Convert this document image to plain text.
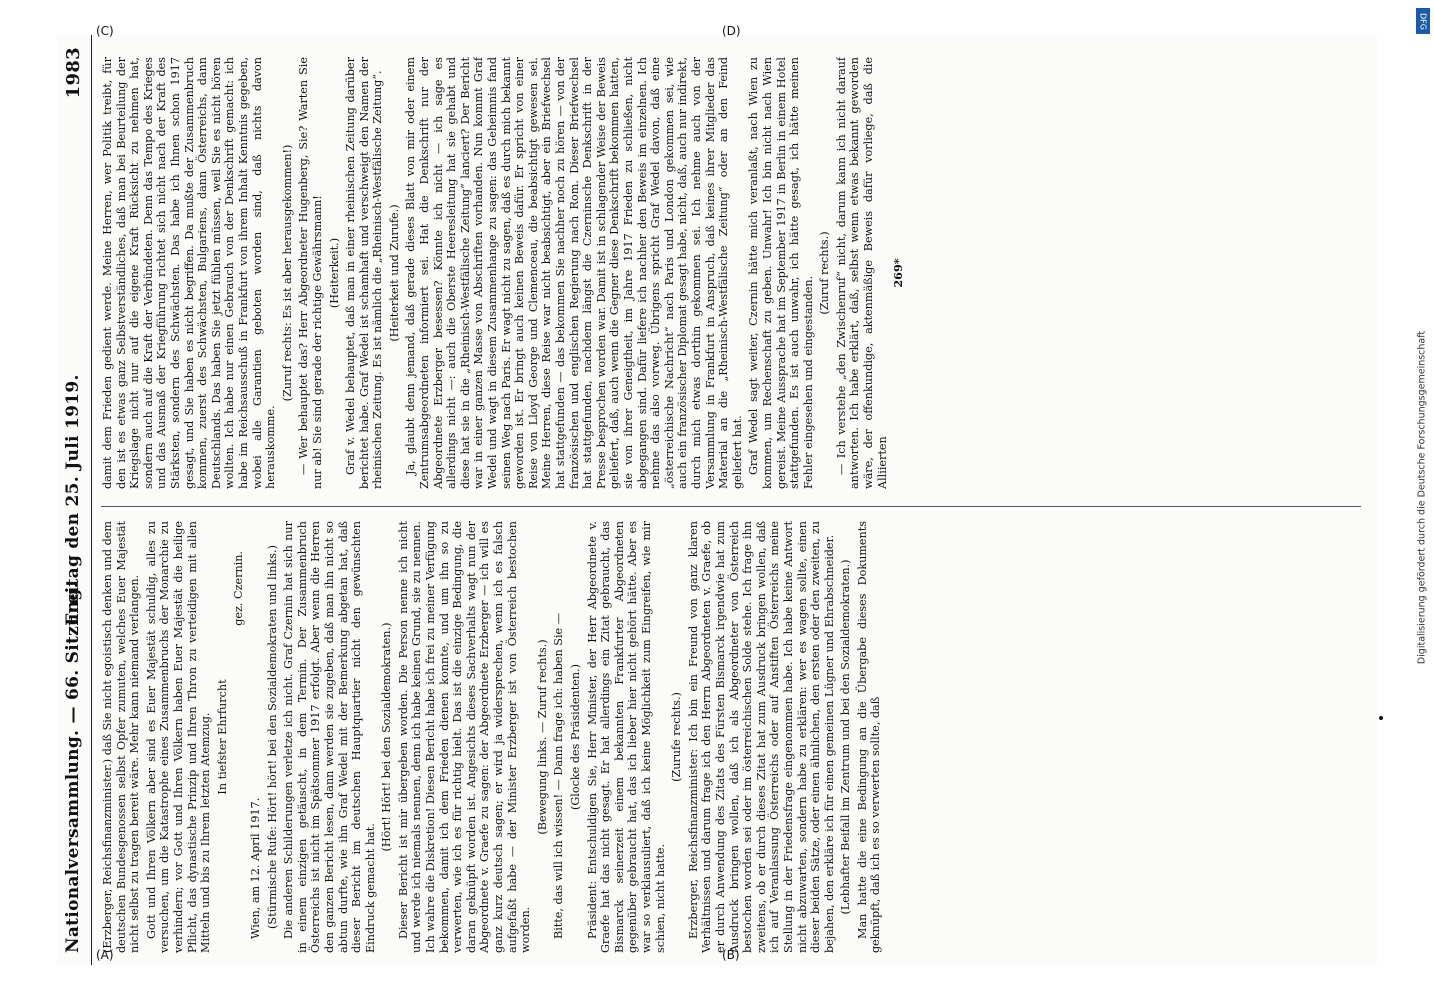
Nationalversammlung. — 66. Sitzung.
Freitag den 25. Juli 1919.
1983

(Erzberger, Reichsfinanzminister.) daß Sie nicht egoistisch denken und dem deutschen Bundesgenossen selbst Opfer zumuten, welches Euer Majestät nicht selbst zu tragen bereit wäre. Mehr kann niemand verlangen. Gott und Ihren Völkern aber sind es Euer Majestät schuldig, alles zu versuchen, um die Katastrophe eines Zusammenbruchs der Monarchie zu verhindern; vor Gott und Ihren Völkern haben Euer Majestät die heilige Pflicht, das dynastische Prinzip und Ihren Thron zu verteidigen mit allen Mitteln und bis zu Ihrem letzten Atemzug. In tiefster Ehrfurcht

gez. Czernin.

Wien, am 12. April 1917. (Stürmische Rufe: Hört! hört! bei den Sozialdemokraten und links.) Die anderen Schilderungen verletze ich nicht. Graf Czernin hat sich nur in einem einzigen getäuscht, in dem Termin. Der Zusammenbruch Österreichs ist nicht im Spätsommer 1917 erfolgt. Aber wenn die Herren den ganzen Bericht lesen, dann werden sie zugeben, daß man ihn nicht so abtun durfte, wie ihn Graf Wedel mit der Bemerkung abgetan hat, daß dieser Bericht im deutschen Hauptquartier nicht den gewünschten Eindruck gemacht hat.

(Hört! Hört! bei den Sozialdemokraten.) Dieser Bericht ist mir übergeben worden. Die Person nenne ich nicht und werde ich niemals nennen, denn ich habe keinen Grund, sie zu nennen. Ich wahre die Diskretion! Diesen Bericht habe ich frei zu meiner Verfügung bekommen, damit ich dem Frieden dienen konnte, und um ihn so zu verwerten, wie ich es für richtig hielt. Das ist die einzige Bedingung, die daran geknüpft worden ist. Angesichts dieses Sachverhalts wagt nun der Abgeordnete v. Graefe zu sagen: der Abgeordnete Erzberger — ich will es ganz kurz deutsch sagen; er wird ja widersprechen, wenn ich es falsch aufgefaßt habe — der Minister Erzberger ist von Österreich bestochen worden.

(Bewegung links. — Zuruf rechts.) Bitte, das will ich wissen! — Dann frage ich: haben Sie — (Glocke des Präsidenten.) Präsident: Entschuldigen Sie, Herr Minister, der Herr Abgeordnete v. Graefe hat das nicht gesagt. Er hat allerdings ein Zitat gebraucht, das Bismarck seinerzeit einem bekannten Frankfurter Abgeordneten gegenüber gebraucht hat, das ich lieber hier nicht gehört hätte. Aber es war so verklausuliert, daß ich keine Möglichkeit zum Eingreifen, wie mir schien, nicht hatte.

(Zurufe rechts.) Erzberger, Reichsfinanzminister: Ich bin ein Freund von ganz klaren Verhältnissen und darum frage ich den Herrn Abgeordneten v. Graefe, ob er durch Anwendung des Zitats des Fürsten Bismarck irgendwie hat zum Ausdruck bringen wollen, daß ich als Abgeordneter von Österreich bestochen worden sei oder im österreichischen Solde stehe. Ich frage ihn zweitens, ob er durch dieses Zitat hat zum Ausdruck bringen wollen, daß ich auf Veranlassung Österreichs oder auf Anstiften Österreichs meine Stellung in der Friedensfrage eingenommen habe. Ich habe keine Antwort nicht abzuwarten, sondern habe zu erklären: wer es wagen sollte, einen dieser beiden Sätze, oder einen ähnlichen, den ersten oder den zweiten, zu bejahen, den erkläre ich für einen gemeinen Lügner und Ehrabschneider. (Lebhafter Beifall im Zentrum und bei den Sozialdemokraten.) Man hatte die eine Bedingung an die Übergabe dieses Dokuments geknüpft, daß ich es so verwerten sollte, daß

damit dem Frieden gedient werde. Meine Herren, wer Politik treibt, für den ist es etwas ganz Selbstverständliches, daß man bei Beurteilung der Kriegslage nicht nur auf die eigene Kraft Rücksicht zu nehmen hat, sondern auch auf die Kraft der Verbündeten. Denn das Tempo des Krieges und das Ausmaß der Kriegführung richtet sich nicht nach der Kraft des Stärksten, sondern des Schwächsten. Das habe ich Ihnen schon 1917 gesagt, und Sie haben es nicht begriffen. Da mußte der Zusammenbruch kommen, zuerst des Schwächsten, Bulgariens, dann Österreichs, dann Deutschlands. Das haben Sie jetzt fühlen müssen, weil Sie es nicht hören wollten. Ich habe nur einen Gebrauch von der Denkschrift gemacht: ich habe im Reichsausschuß in Frankfurt von ihrem Inhalt Kenntnis gegeben, wobei alle Garantien geboten worden sind, daß nichts davon herauskomme.

(Zuruf rechts: Es ist aber herausgekommen!) — Wer behauptet das? Herr Abgeordneter Hugenberg, Sie? Warten Sie nur ab! Sie sind gerade der richtige Gewährsmann! (Heiterkeit.) Graf v. Wedel behauptet, daß man in einer rheinischen Zeitung darüber berichtet habe. Graf Wedel ist schamhaft und verschweigt den Namen der rheinischen Zeitung. Es ist nämlich die „Rheinisch-Westfälische Zeitung“. (Heiterkeit und Zurufe.) Ja, glaubt denn jemand, daß gerade dieses Blatt von mir oder einem Zentrumsabgeordneten informiert sei. Hat die Denkschrift nur der Abgeordnete Erzberger besessen? Könnte ich nicht — ich sage es allerdings nicht —: auch die Oberste Heeresleitung hat sie gehabt und diese hat sie in die „Rheinisch-Westfälische Zeitung“ lanciert? Der Bericht war in einer ganzen Masse von Abschriften vorhanden. Nun kommt Graf Wedel und wagt in diesem Zusammenhange zu sagen: das Geheimnis fand seinen Weg nach Paris. Er wagt nicht zu sagen, daß es durch mich bekannt geworden ist. Er bringt auch keinen Beweis dafür. Er spricht von einer Reise von Lloyd George und Clemenceau, die beabsichtigt gewesen sei. Meine Herren, diese Reise war nicht beabsichtigt, aber ein Briefwechsel hat stattgefunden — das bekommen Sie nachher noch zu hören — von der französischen und englischen Regierung nach Rom. Dieser Briefwechsel hat stattgefunden, nachdem längst die Czerninsche Denkschrift in der Presse besprochen worden war. Damit ist in schlagender Weise der Beweis geliefert, daß, auch wenn die Gegner diese Denkschrift bekommen hatten, sie von ihrer Geneigtheit, im Jahre 1917 Frieden zu schließen, nicht abgegangen sind. Dafür liefere ich nachher den Beweis im einzelnen. Ich nehme das also vorweg. Übrigens spricht Graf Wedel davon, daß eine „österreichische Nachricht“ nach Paris und London gekommen sei, wie auch ein französischer Diplomat gesagt habe, nicht, daß, auch nur indirekt, durch mich etwas dorthin gekommen sei. Ich nehme auch von der Versammlung in Frankfurt in Anspruch, daß keines ihrer Mitglieder das Material an die „Rheinisch-Westfälische Zeitung“ oder an den Feind geliefert hat. Graf Wedel sagt weiter, Czernin hätte mich veranlaßt, nach Wien zu kommen, um Rechenschaft zu geben. Unwahr! Ich bin nicht nach Wien gereist. Meine Aussprache hat im September 1917 in Berlin in einem Hotel stattgefunden. Es ist auch unwahr, ich hätte gesagt, ich hätte meinen Fehler eingesehen und eingestanden.

(Zuruf rechts.) — Ich verstehe „den Zwischenruf“ nicht, darum kann ich nicht darauf antworten. Ich habe erklärt, daß, selbst wenn etwas bekannt geworden wäre, der offenkundige, aktenmäßige Beweis dafür vorliege, daß die Alliierten

269*

(A)	(B)
(C)	(D)
DFG
Digitalisierung gefördert durch die Deutsche Forschungsgemeinschaft
